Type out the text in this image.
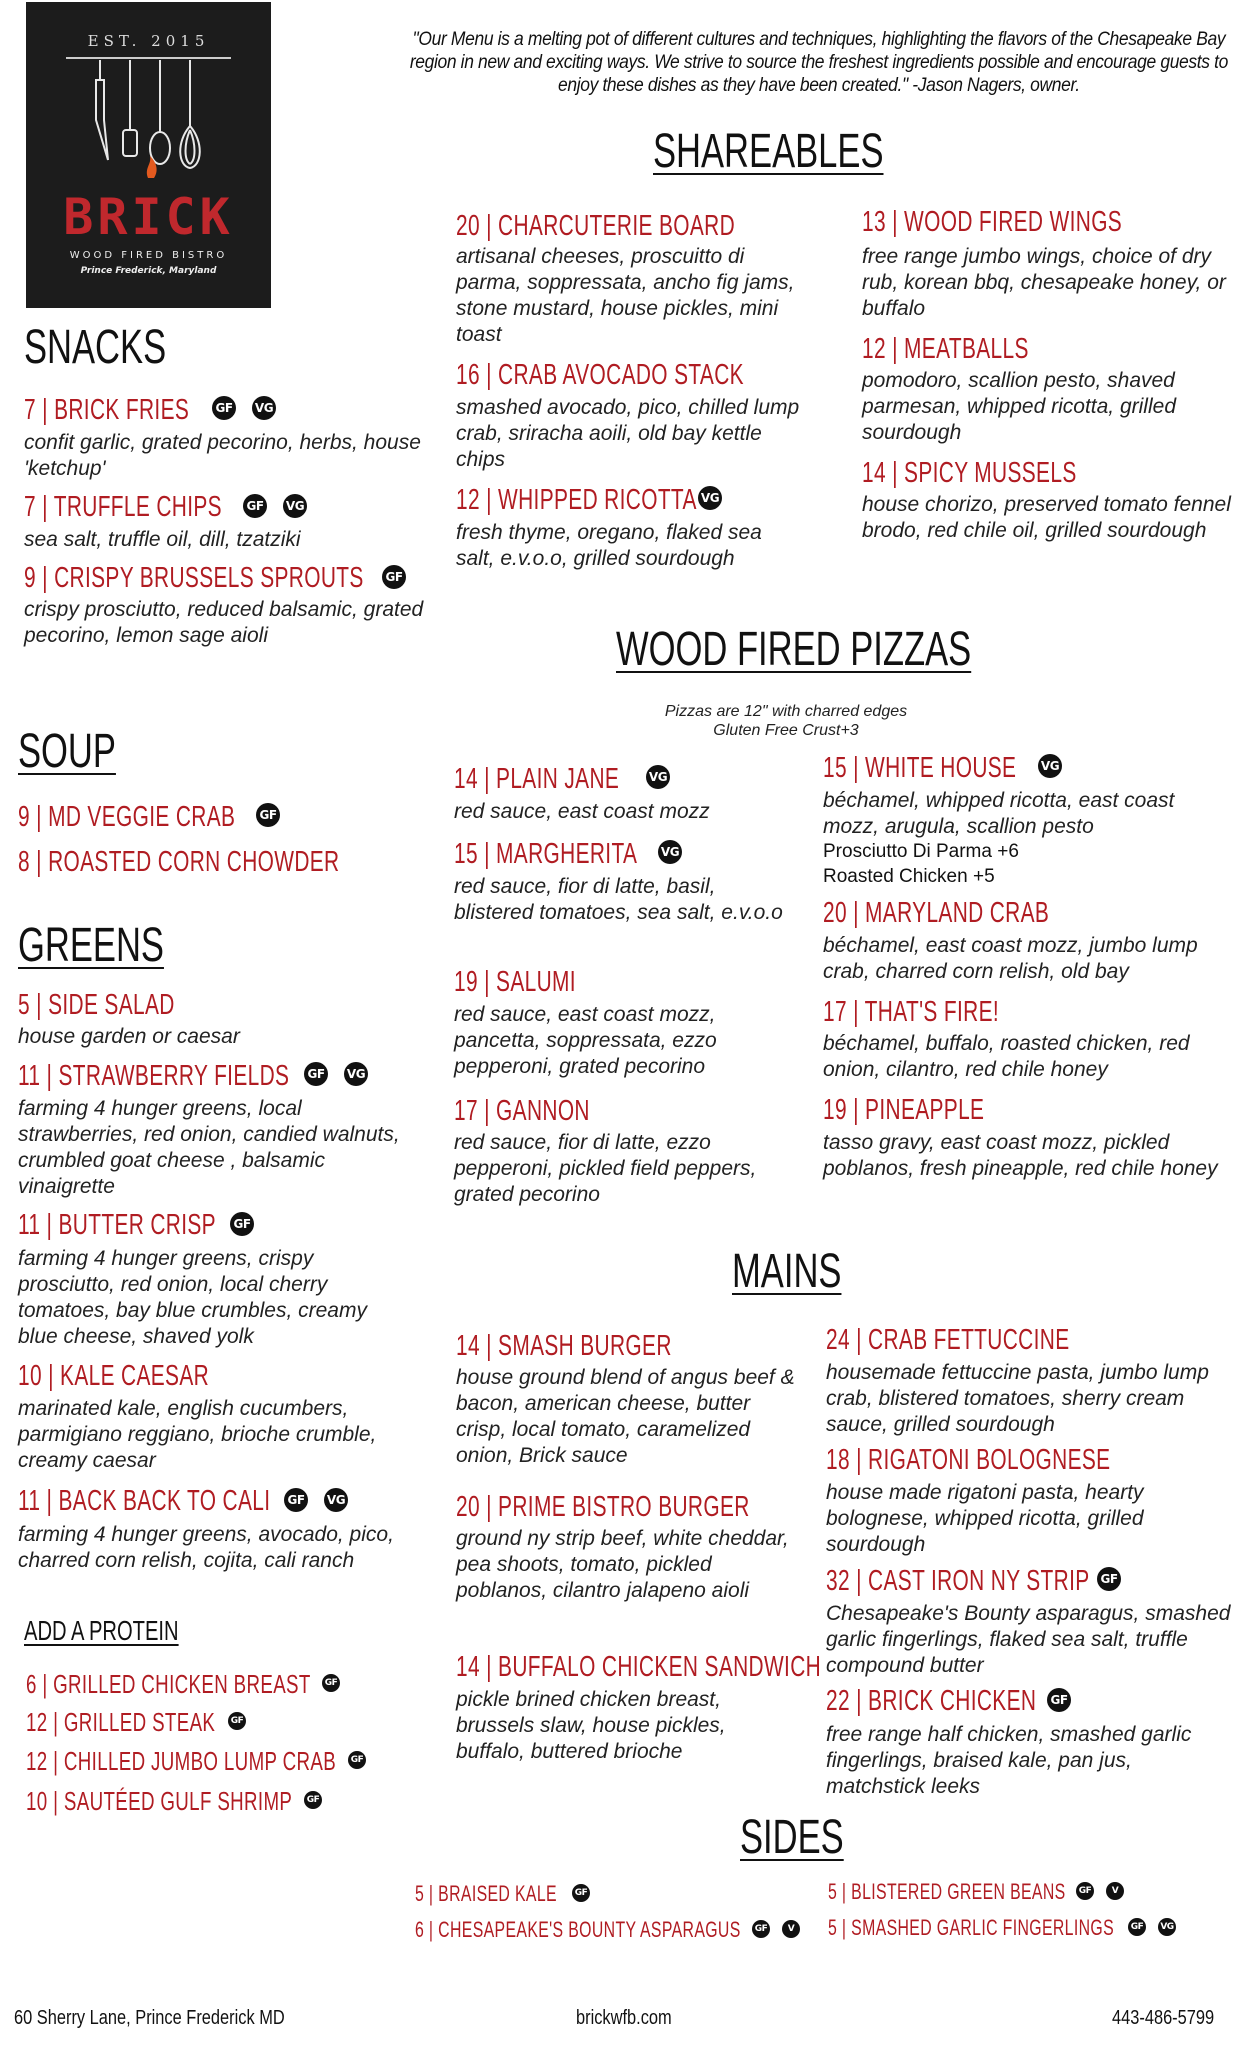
EST. 2015
BRICK
WOOD FIRED BISTRO
Prince Frederick, Maryland
"Our Menu is a melting pot of different cultures and techniques, highlighting the flavors of the Chesapeake Bay region in new and exciting ways. We strive to source the freshest ingredients possible and encourage guests to enjoy these dishes as they have been created." -Jason Nagers, owner.
SHAREABLES
20 | CHARCUTERIE BOARD
artisanal cheeses, proscuitto di parma, soppressata, ancho fig jams, stone mustard, house pickles, mini toast
16 | CRAB AVOCADO STACK
smashed avocado, pico, chilled lump crab, sriracha aoili, old bay kettle chips
12 | WHIPPED RICOTTA VG
fresh thyme, oregano, flaked sea salt, e.v.o.o, grilled sourdough
13 | WOOD FIRED WINGS
free range jumbo wings, choice of dry rub, korean bbq, chesapeake honey, or buffalo
12 | MEATBALLS
pomodoro, scallion pesto, shaved parmesan, whipped ricotta, grilled sourdough
14 | SPICY MUSSELS
house chorizo, preserved tomato fennel brodo, red chile oil, grilled sourdough
SNACKS
7 | BRICK FRIES GF VG
confit garlic, grated pecorino, herbs, house 'ketchup'
7 | TRUFFLE CHIPS GF VG
sea salt, truffle oil, dill, tzatziki
9 | CRISPY BRUSSELS SPROUTS GF
crispy prosciutto, reduced balsamic, grated pecorino, lemon sage aioli
SOUP
9 | MD VEGGIE CRAB GF
8 | ROASTED CORN CHOWDER
GREENS
5 | SIDE SALAD
house garden or caesar
11 | STRAWBERRY FIELDS GF VG
farming 4 hunger greens, local strawberries, red onion, candied walnuts, crumbled goat cheese , balsamic vinaigrette
11 | BUTTER CRISP GF
farming 4 hunger greens, crispy prosciutto, red onion, local cherry tomatoes, bay blue crumbles, creamy blue cheese, shaved yolk
10 | KALE CAESAR
marinated kale, english cucumbers, parmigiano reggiano, brioche crumble, creamy caesar
11 | BACK BACK TO CALI GF VG
farming 4 hunger greens, avocado, pico, charred corn relish, cojita, cali ranch
ADD A PROTEIN
6 | GRILLED CHICKEN BREAST	GF
12 | GRILLED STEAK	GF
12 | CHILLED JUMBO LUMP CRAB	GF
10 | SAUTÉED GULF SHRIMP	GF
WOOD FIRED PIZZAS
Pizzas are 12" with charred edges
Gluten Free Crust+3
14 | PLAIN JANE VG
red sauce, east coast mozz
15 | MARGHERITA VG
red sauce, fior di latte, basil, blistered tomatoes, sea salt, e.v.o.o
19 | SALUMI
red sauce, east coast mozz, pancetta, soppressata, ezzo pepperoni, grated pecorino
17 | GANNON
red sauce, fior di latte, ezzo pepperoni, pickled field peppers, grated pecorino
15 | WHITE HOUSE VG
béchamel, whipped ricotta, east coast mozz, arugula, scallion pesto
Prosciutto Di Parma +6
Roasted Chicken +5
20 | MARYLAND CRAB
béchamel, east coast mozz, jumbo lump crab, charred corn relish, old bay
17 | THAT'S FIRE!
béchamel, buffalo, roasted chicken, red onion, cilantro, red chile honey
19 | PINEAPPLE
tasso gravy, east coast mozz, pickled poblanos, fresh pineapple, red chile honey
MAINS
14 | SMASH BURGER
house ground blend of angus beef & bacon, american cheese, butter crisp, local tomato, caramelized onion, Brick sauce
20 | PRIME BISTRO BURGER
ground ny strip beef, white cheddar, pea shoots, tomato, pickled poblanos, cilantro jalapeno aioli
14 | BUFFALO CHICKEN SANDWICH
pickle brined chicken breast, brussels slaw, house pickles, buffalo, buttered brioche
24 | CRAB FETTUCCINE
housemade fettuccine pasta, jumbo lump crab, blistered tomatoes, sherry cream sauce, grilled sourdough
18 | RIGATONI BOLOGNESE
house made rigatoni pasta, hearty bolognese, whipped ricotta, grilled sourdough
32 | CAST IRON NY STRIP GF
Chesapeake's Bounty asparagus, smashed garlic fingerlings, flaked sea salt, truffle compound butter
22 | BRICK CHICKEN GF
free range half chicken, smashed garlic fingerlings, braised kale, pan jus, matchstick leeks
SIDES
5 | BRAISED KALE	GF
6 | CHESAPEAKE'S BOUNTY ASPARAGUS	GF	V
5 | BLISTERED GREEN BEANS	GF	V
5 | SMASHED GARLIC FINGERLINGS	GF	VG
60 Sherry Lane, Prince Frederick MD	brickwfb.com	443-486-5799
